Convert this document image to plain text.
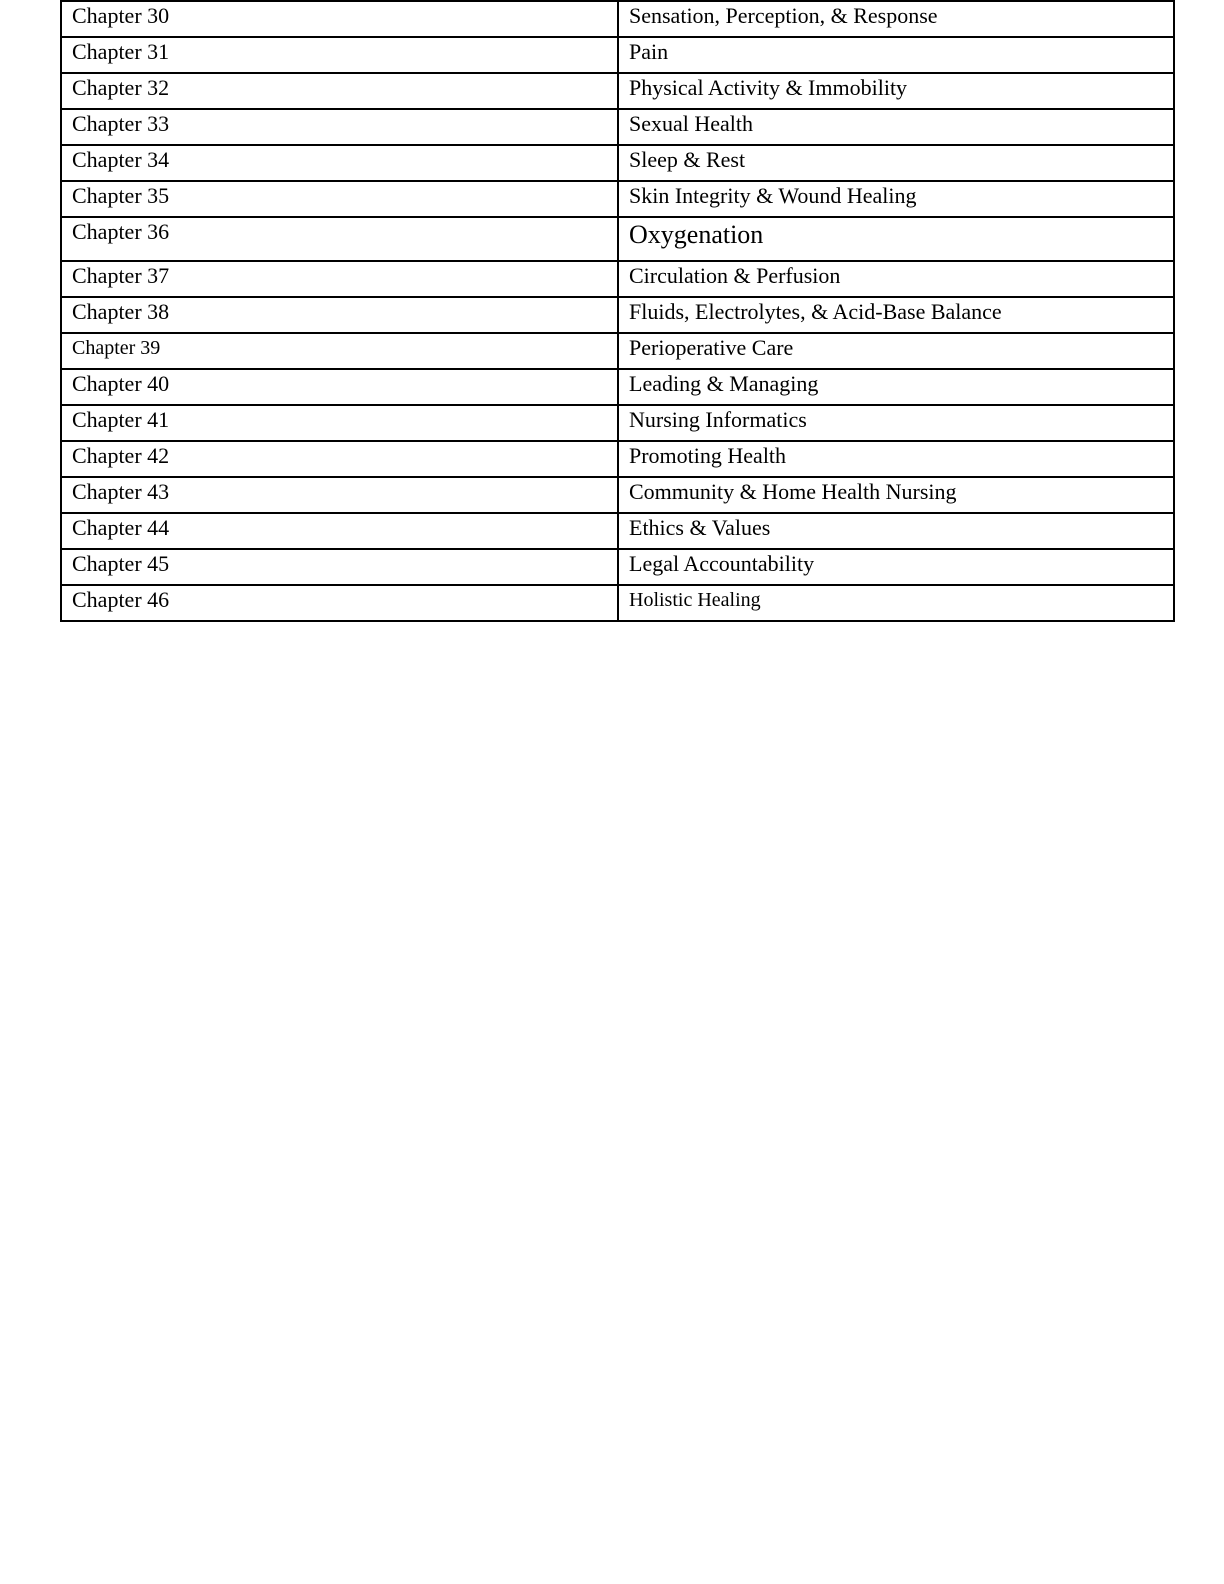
Chapter 30	Sensation, Perception, & Response
Chapter 31	Pain
Chapter 32	Physical Activity & Immobility
Chapter 33	Sexual Health
Chapter 34	Sleep & Rest
Chapter 35	Skin Integrity & Wound Healing
Chapter 36	Oxygenation
Chapter 37	Circulation & Perfusion
Chapter 38	Fluids, Electrolytes, & Acid-Base Balance
Chapter 39	Perioperative Care
Chapter 40	Leading & Managing
Chapter 41	Nursing Informatics
Chapter 42	Promoting Health
Chapter 43	Community & Home Health Nursing
Chapter 44	Ethics & Values
Chapter 45	Legal Accountability
Chapter 46	Holistic Healing
